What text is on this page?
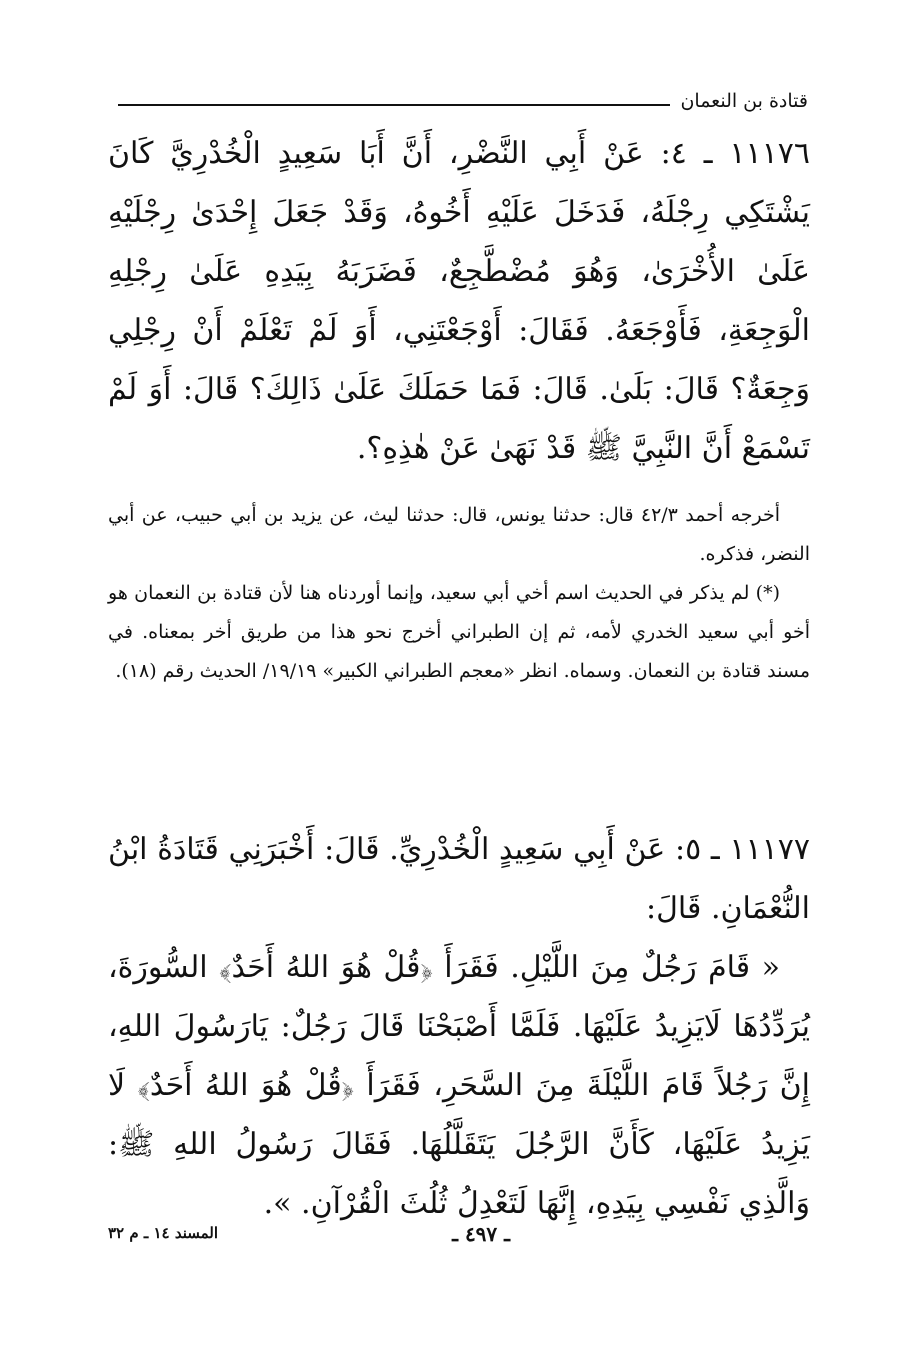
قتادة بن النعمان

١١١٧٦ ـ ٤: عَنْ أَبِي النَّضْرِ، أَنَّ أَبَا سَعِيدٍ الْخُدْرِيَّ كَانَ يَشْتَكِي رِجْلَهُ، فَدَخَلَ عَلَيْهِ أَخُوهُ، وَقَدْ جَعَلَ إِحْدَىٰ رِجْلَيْهِ عَلَىٰ الأُخْرَىٰ، وَهُوَ مُضْطَّجِعٌ، فَضَرَبَهُ بِيَدِهِ عَلَىٰ رِجْلِهِ الْوَجِعَةِ، فَأَوْجَعَهُ. فَقَالَ: أَوْجَعْتَنِي، أَوَ لَمْ تَعْلَمْ أَنْ رِجْلِي وَجِعَةٌ؟ قَالَ: بَلَىٰ. قَالَ: فَمَا حَمَلَكَ عَلَىٰ ذَالِكَ؟ قَالَ: أَوَ لَمْ تَسْمَعْ أَنَّ النَّبِيَّ ﷺ قَدْ نَهَىٰ عَنْ هٰذِهِ؟.

أخرجه أحمد ٤٢/٣ قال: حدثنا يونس، قال: حدثنا ليث، عن يزيد بن أبي حبيب، عن أبي النضر، فذكره.

(*) لم يذكر في الحديث اسم أخي أبي سعيد، وإنما أوردناه هنا لأن قتادة بن النعمان هو أخو أبي سعيد الخدري لأمه، ثم إن الطبراني أخرج نحو هذا من طريق أخر بمعناه. في مسند قتادة بن النعمان. وسماه. انظر «معجم الطبراني الكبير» ١٩/١٩/ الحديث رقم (١٨).

١١١٧٧ ـ ٥: عَنْ أَبِي سَعِيدٍ الْخُدْرِيِّ. قَالَ: أَخْبَرَنِي قَتَادَةُ ابْنُ النُّعْمَانِ. قَالَ:

« قَامَ رَجُلٌ مِنَ اللَّيْلِ. فَقَرَأَ ﴿قُلْ هُوَ اللهُ أَحَدٌ﴾ السُّورَةَ، يُرَدِّدُهَا لَايَزِيدُ عَلَيْهَا. فَلَمَّا أَصْبَحْنَا قَالَ رَجُلٌ: يَارَسُولَ اللهِ، إِنَّ رَجُلاً قَامَ اللَّيْلَةَ مِنَ السَّحَرِ، فَقَرَأَ ﴿قُلْ هُوَ اللهُ أَحَدٌ﴾ لَا يَزِيدُ عَلَيْهَا، كَأَنَّ الرَّجُلَ يَتَقَلَّلُهَا. فَقَالَ رَسُولُ اللهِ ﷺ: وَالَّذِي نَفْسِي بِيَدِهِ، إِنَّهَا لَتَعْدِلُ ثُلُثَ الْقُرْآنِ. ».

ـ ٤٩٧ ـ
المسند ١٤ ـ م ٣٢
